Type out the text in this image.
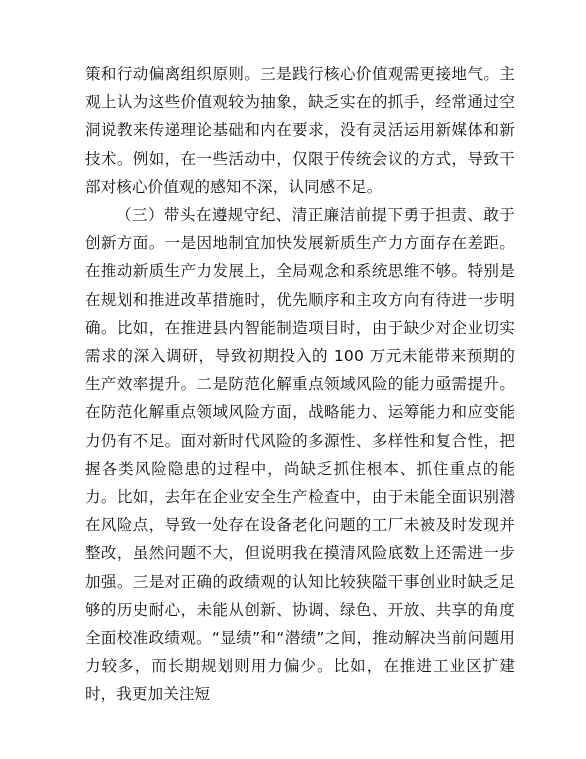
策和行动偏离组织原则。三是践行核心价值观需更接地气。主观上认为这些价值观较为抽象，缺乏实在的抓手，经常通过空洞说教来传递理论基础和内在要求，没有灵活运用新媒体和新技术。例如，在一些活动中，仅限于传统会议的方式，导致干部对核心价值观的感知不深，认同感不足。

（三）带头在遵规守纪、清正廉洁前提下勇于担责、敢于创新方面。一是因地制宜加快发展新质生产力方面存在差距。在推动新质生产力发展上，全局观念和系统思维不够。特别是在规划和推进改革措施时，优先顺序和主攻方向有待进一步明确。比如，在推进县内智能制造项目时，由于缺少对企业切实需求的深入调研，导致初期投入的 100 万元未能带来预期的生产效率提升。二是防范化解重点领域风险的能力亟需提升。在防范化解重点领域风险方面，战略能力、运筹能力和应变能力仍有不足。面对新时代风险的多源性、多样性和复合性，把握各类风险隐患的过程中，尚缺乏抓住根本、抓住重点的能力。比如，去年在企业安全生产检查中，由于未能全面识别潜在风险点，导致一处存在设备老化问题的工厂未被及时发现并整改，虽然问题不大，但说明我在摸清风险底数上还需进一步加强。三是对正确的政绩观的认知比较狭隘干事创业时缺乏足够的历史耐心，未能从创新、协调、绿色、开放、共享的角度全面校准政绩观。“显绩”和“潜绩”之间，推动解决当前问题用力较多，而长期规划则用力偏少。比如，在推进工业区扩建时，我更加关注短
